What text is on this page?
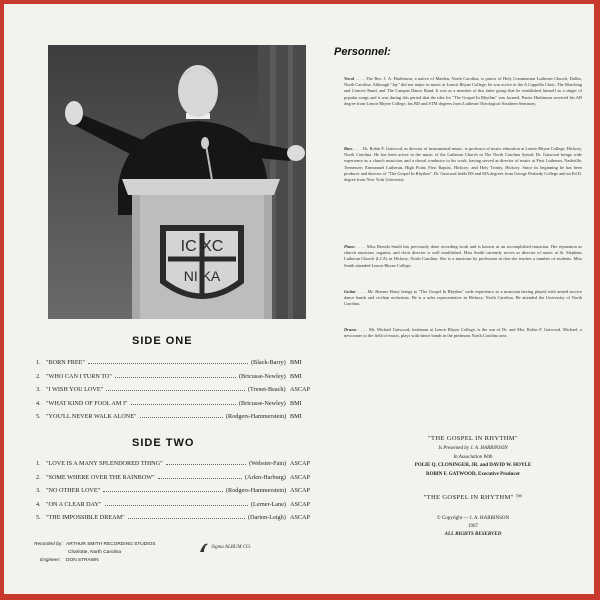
IC XC
NI KA
SIDE ONE
1. "BORN FREE"	(Black-Barry) BMI
2. "WHO CAN I TURN TO"	(Bricusse-Newley) BMI
3. "I WISH YOU LOVE"	(Trenet-Beach) ASCAP
4. "WHAT KIND OF FOOL AM I"	(Bricusse-Newley) BMI
5. "YOU'LL NEVER WALK ALONE"	(Rodgers-Hammerstein) BMI
SIDE TWO
1. "LOVE IS A MANY SPLENDORED THING"	(Webster-Fain) ASCAP
2. "SOME WHERE OVER THE RAINBOW"	(Arlen-Harburg) ASCAP
3. "NO OTHER LOVE"	(Rodgers-Hammerstein) ASCAP
4. "ON A CLEAR DAY"	(Lerner-Lane) ASCAP
5. "THE IMPOSSIBLE DREAM"	(Darion-Leigh) ASCAP
Recorded by: ARTHUR SMITH RECORDING STUDIOS
Charlotte, North Carolina
Engineer: DON STRAWN
Sigma ALBUM CO.
Personnel:
Vocal . . . . The Rev. J. A. Harbinson, a native of Maiden, North Carolina, is pastor of Holy Communion Lutheran Church, Dallas, North Carolina. Although "Jay" did not major in music at Lenoir Rhyne College, he was active in the A Cappella Choir, The Marching and Concert Band, and The Campus Dance Band. It was as a member of this latter group that he established himself as a singer of popular songs and it was during this period that the idea for "The Gospel In Rhythm" was formed. Pastor Harbinson received his AB degree from Lenoir Rhyne College, his BD and STM degrees from Lutheran Theological Southern Seminary.
Bass . . . . Dr. Robin F. Gatwood, as director of instrumental music, is professor of music education at Lenoir Rhyne College, Hickory, North Carolina. He has been active in the music of the Lutheran Church in The North Carolina Synod. Dr. Gatwood brings wide experience as a church musician, and a choral conductor to his work, having served as director of music at First Lutheran, Nashville, Tennessee; Emmanuel Lutheran, High Point; First Baptist, Hickory; and Holy Trinity, Hickory. Since its beginning he has been producer and director of "The Gospel In Rhythm". Dr. Gatwood holds BS and MA degrees from George Peabody College and an Ed.D. degree from New York University.
Piano . . . . Miss Brenda Smith has previously done recording work and is known as an accomplished musician. Her reputation as church musician, organist, and choir director is well established. Miss Smith currently serves as director of music at St. Stephens Lutheran Church (LCA) in Hickory, North Carolina. She is a musician by profession in that she teaches a number of students. Miss Smith attended Lenoir Rhyne College.
Guitar . . . . Mr. Bonner Hasty brings to "The Gospel In Rhythm" wide experience as a musician having played with armed service dance bands and civilian orchestras. He is a sales representative in Hickory, North Carolina. He attended the University of North Carolina.
Drums . . . . Mr. Michael Gatwood, freshman at Lenoir Rhyne College, is the son of Dr. and Mrs. Robin F. Gatwood. Michael, a newcomer to the field of music, plays with dance bands in the piedmont North Carolina area.
"THE GOSPEL IN RHYTHM"
Is Presented by J. A. HARBINSON
In Association With
POLIE Q. CLONINGER, JR. and DAVID W. HOYLE
ROBIN F. GATWOOD, Executive Producer
"THE GOSPEL IN RHYTHM" ™
© Copyright — J. A. HARBINSON
1967
ALL RIGHTS RESERVED
